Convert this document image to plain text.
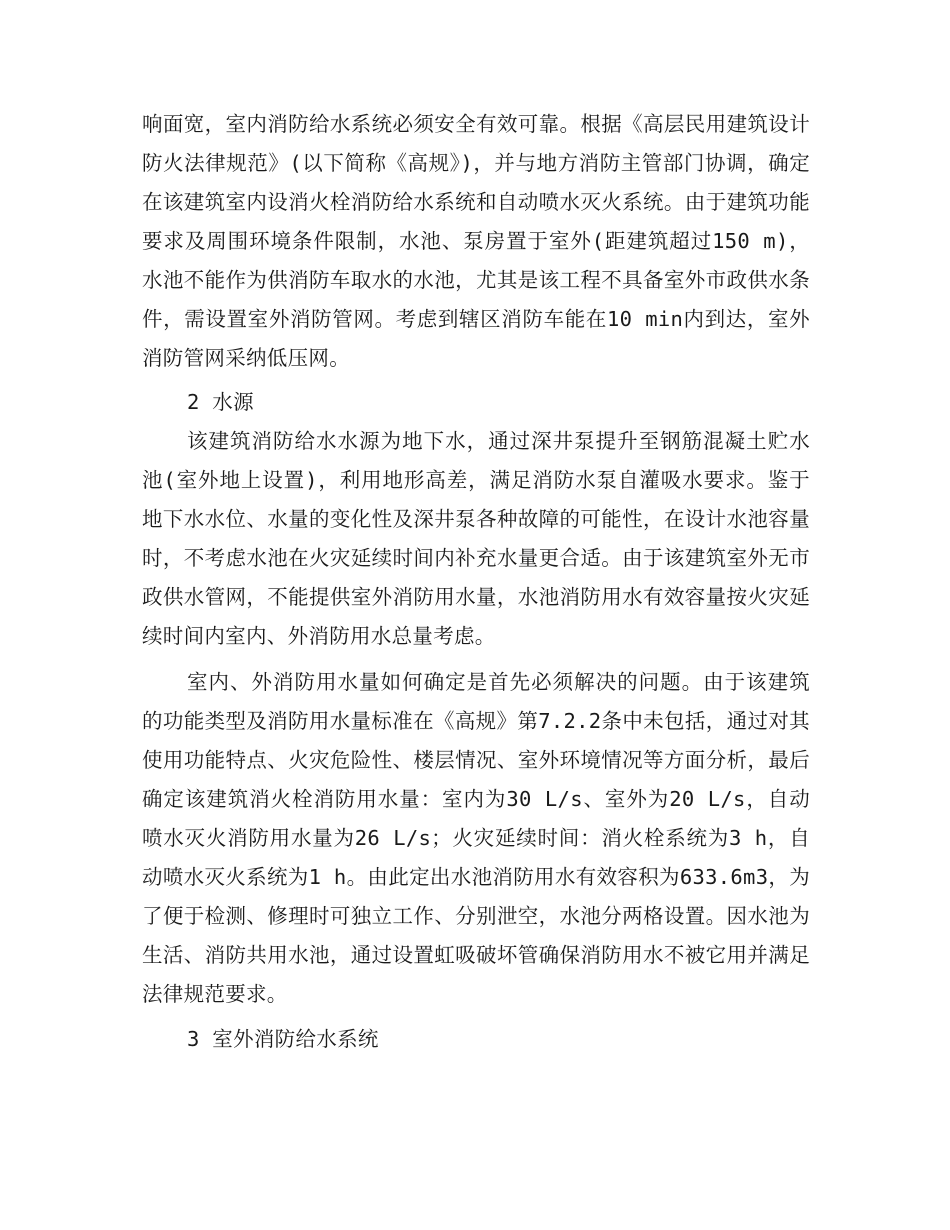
响面宽，室内消防给水系统必须安全有效可靠。根据《高层民用建筑设计防火法律规范》(以下简称《高规》)，并与地方消防主管部门协调，确定在该建筑室内设消火栓消防给水系统和自动喷水灭火系统。由于建筑功能要求及周围环境条件限制，水池、泵房置于室外(距建筑超过150 m)，水池不能作为供消防车取水的水池，尤其是该工程不具备室外市政供水条件，需设置室外消防管网。考虑到辖区消防车能在10 min内到达，室外消防管网采纳低压网。

2 水源

该建筑消防给水水源为地下水，通过深井泵提升至钢筋混凝土贮水池(室外地上设置)，利用地形高差，满足消防水泵自灌吸水要求。鉴于地下水水位、水量的变化性及深井泵各种故障的可能性，在设计水池容量时，不考虑水池在火灾延续时间内补充水量更合适。由于该建筑室外无市政供水管网，不能提供室外消防用水量，水池消防用水有效容量按火灾延续时间内室内、外消防用水总量考虑。

室内、外消防用水量如何确定是首先必须解决的问题。由于该建筑的功能类型及消防用水量标准在《高规》第7.2.2条中未包括，通过对其使用功能特点、火灾危险性、楼层情况、室外环境情况等方面分析，最后确定该建筑消火栓消防用水量：室内为30 L/s、室外为20 L/s，自动喷水灭火消防用水量为26 L/s；火灾延续时间：消火栓系统为3 h，自动喷水灭火系统为1 h。由此定出水池消防用水有效容积为633.6m3，为了便于检测、修理时可独立工作、分别泄空，水池分两格设置。因水池为生活、消防共用水池，通过设置虹吸破坏管确保消防用水不被它用并满足法律规范要求。

3 室外消防给水系统
